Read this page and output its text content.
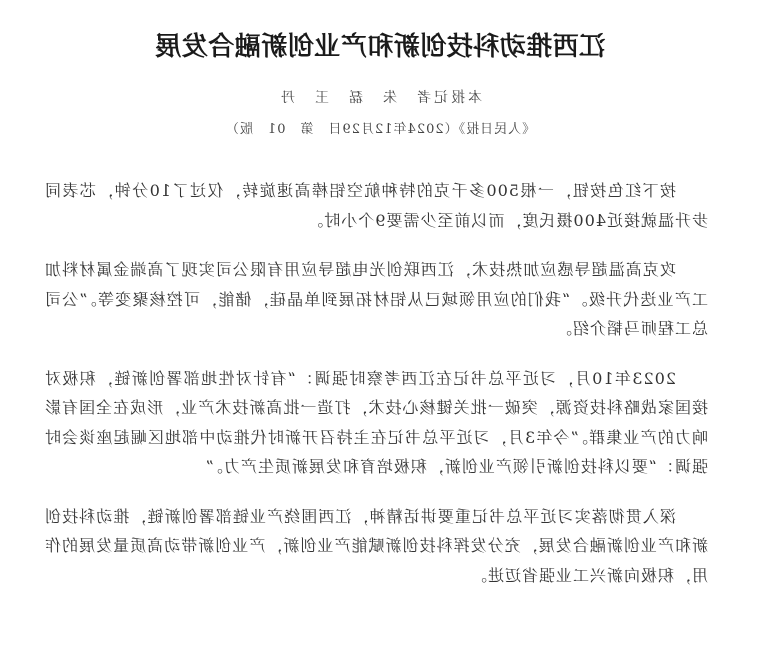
江西推动科技创新和产业创新融合发展

本报记者　朱　磊　王　丹

《人民日报》（2024年12月29日　第　01　版）

按下红色按钮，一根500多千克的特种航空铝棒高速旋转，仅过了10分钟，芯表同步升温就接近400摄氏度，而以前至少需要9个小时。

攻克高温超导感应加热技术，江西联创光电超导应用有限公司实现了高端金属材料加工产业迭代升级。“我们的应用领域已从铝材拓展到单晶硅，储能，可控核聚变等。”公司总工程师马韬介绍。

2023年10月，习近平总书记在江西考察时强调：“有针对性地部署创新链，积极对接国家战略科技资源，突破一批关键核心技术，打造一批高新技术产业，形成在全国有影响力的产业集群。”今年3月，习近平总书记在主持召开新时代推动中部地区崛起座谈会时强调：“要以科技创新引领产业创新，积极培育和发展新质生产力。”

深入贯彻落实习近平总书记重要讲话精神，江西围绕产业链部署创新链，推动科技创新和产业创新融合发展，充分发挥科技创新赋能产业创新，产业创新带动高质量发展的作用，积极向新兴工业强省迈进。
